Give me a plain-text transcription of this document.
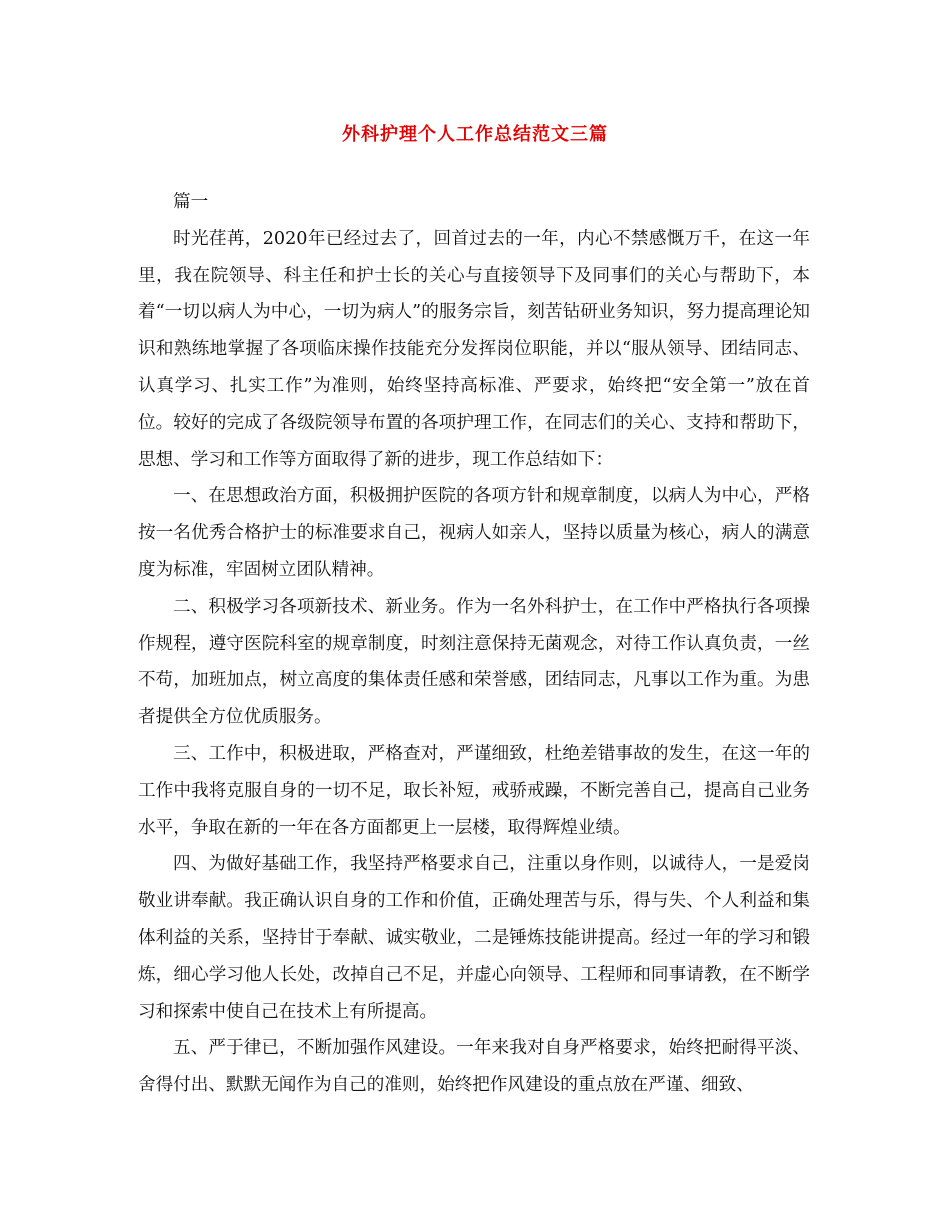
外科护理个人工作总结范文三篇

篇一

时光荏苒，2020年已经过去了，回首过去的一年，内心不禁感慨万千，在这一年里，我在院领导、科主任和护士长的关心与直接领导下及同事们的关心与帮助下，本着“一切以病人为中心，一切为病人”的服务宗旨，刻苦钻研业务知识，努力提高理论知识和熟练地掌握了各项临床操作技能充分发挥岗位职能，并以“服从领导、团结同志、认真学习、扎实工作”为准则，始终坚持高标准、严要求，始终把“安全第一”放在首位。较好的完成了各级院领导布置的各项护理工作，在同志们的关心、支持和帮助下，思想、学习和工作等方面取得了新的进步，现工作总结如下：

一、在思想政治方面，积极拥护医院的各项方针和规章制度，以病人为中心，严格按一名优秀合格护士的标准要求自己，视病人如亲人，坚持以质量为核心，病人的满意度为标准，牢固树立团队精神。

二、积极学习各项新技术、新业务。作为一名外科护士，在工作中严格执行各项操作规程，遵守医院科室的规章制度，时刻注意保持无菌观念，对待工作认真负责，一丝不苟，加班加点，树立高度的集体责任感和荣誉感，团结同志，凡事以工作为重。为患者提供全方位优质服务。

三、工作中，积极进取，严格查对，严谨细致，杜绝差错事故的发生，在这一年的工作中我将克服自身的一切不足，取长补短，戒骄戒躁，不断完善自己，提高自己业务水平，争取在新的一年在各方面都更上一层楼，取得辉煌业绩。

四、为做好基础工作，我坚持严格要求自己，注重以身作则，以诚待人，一是爱岗敬业讲奉献。我正确认识自身的工作和价值，正确处理苦与乐，得与失、个人利益和集体利益的关系，坚持甘于奉献、诚实敬业，二是锤炼技能讲提高。经过一年的学习和锻炼，细心学习他人长处，改掉自己不足，并虚心向领导、工程师和同事请教，在不断学习和探索中使自己在技术上有所提高。

五、严于律已，不断加强作风建设。一年来我对自身严格要求，始终把耐得平淡、舍得付出、默默无闻作为自己的准则，始终把作风建设的重点放在严谨、细致、
